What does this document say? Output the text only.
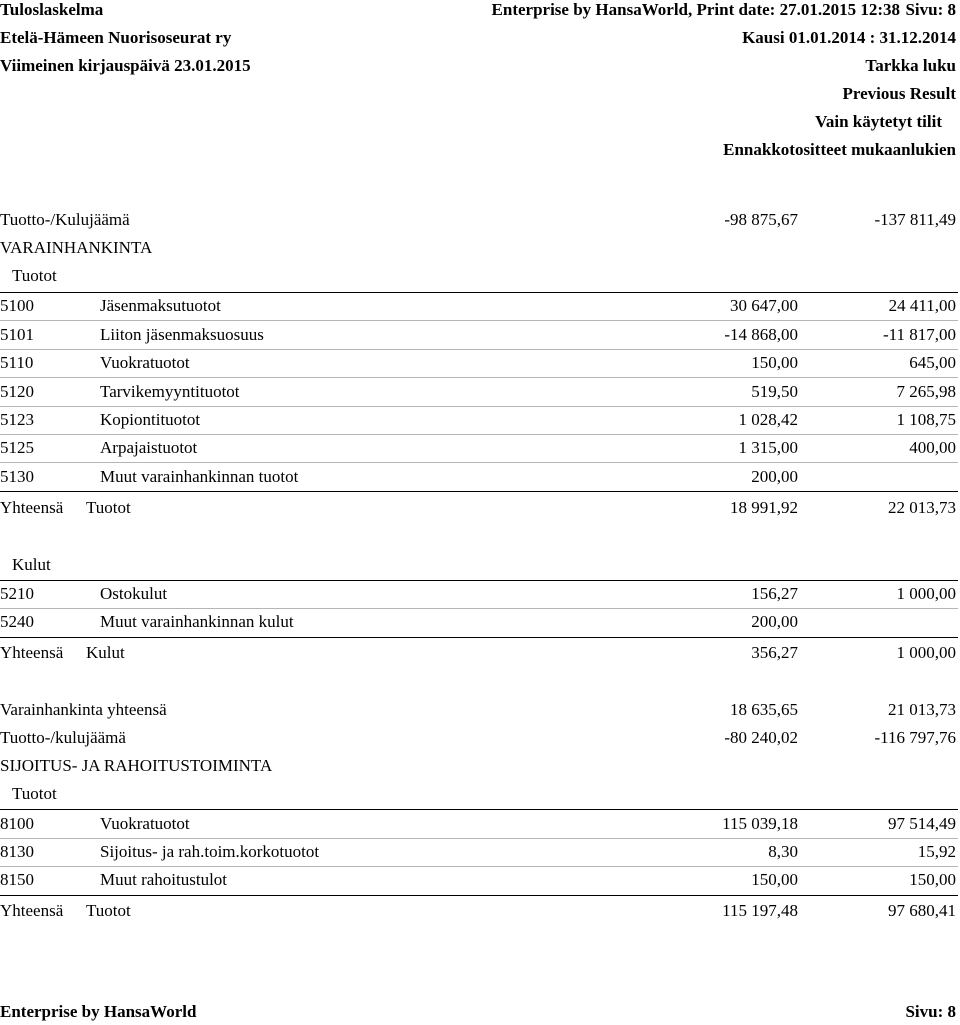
Tuloslaskelma	Enterprise by HansaWorld, Print date: 27.01.2015 12:38 Sivu: 8
Etelä-Hämeen Nuorisoseurat ry	Kausi 01.01.2014 : 31.12.2014
Viimeinen kirjauspäivä 23.01.2015	Tarkka luku
Previous Result
Vain käytetyt tilit
Ennakkotositteet mukaanlukien
Tuotto-/Kulujäämä	-98 875,67	-137 811,49
VARAINHANKINTA
Tuotot
5100	Jäsenmaksutuotot	30 647,00	24 411,00
5101	Liiton jäsenmaksuosuus	-14 868,00	-11 817,00
5110	Vuokratuotot	150,00	645,00
5120	Tarvikemyyntituotot	519,50	7 265,98
5123	Kopiontituotot	1 028,42	1 108,75
5125	Arpajaistuotot	1 315,00	400,00
5130	Muut varainhankinnan tuotot	200,00
Yhteensä Tuotot	18 991,92	22 013,73
Kulut
5210	Ostokulut	156,27	1 000,00
5240	Muut varainhankinnan kulut	200,00
Yhteensä Kulut	356,27	1 000,00
Varainhankinta yhteensä	18 635,65	21 013,73
Tuotto-/kulujäämä	-80 240,02	-116 797,76
SIJOITUS- JA RAHOITUSTOIMINTA
Tuotot
8100	Vuokratuotot	115 039,18	97 514,49
8130	Sijoitus- ja rah.toim.korkotuotot	8,30	15,92
8150	Muut rahoitustulot	150,00	150,00
Yhteensä Tuotot	115 197,48	97 680,41
Enterprise by HansaWorld	Sivu: 8
